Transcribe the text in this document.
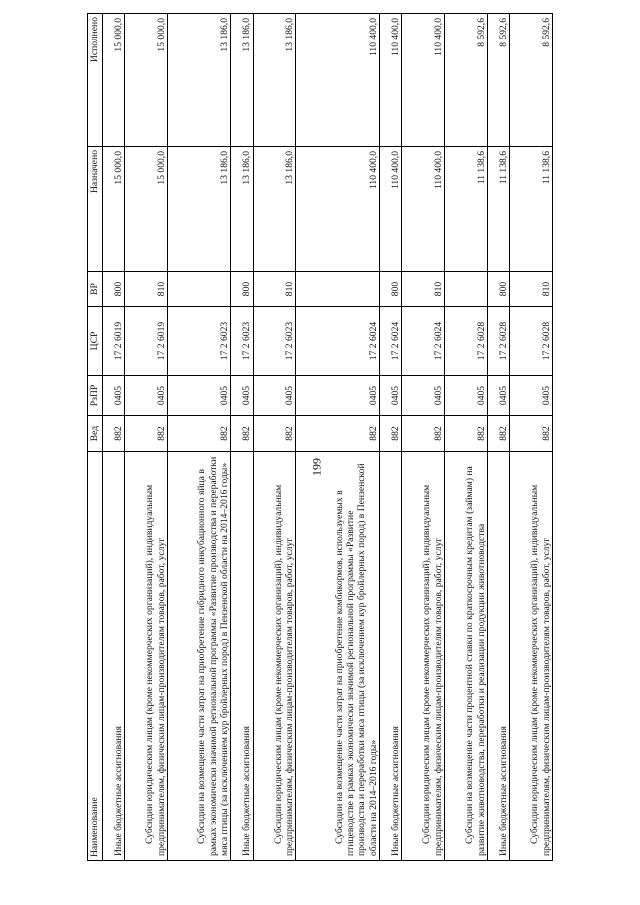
199
Наименование	Вед	РзПР	ЦСР	ВР	Назначено	Исполнено
Иные бюджетные ассигнования	882	0405	17 2 6019	800	15 000,0	15 000,0
Субсидии юридическим лицам (кроме некоммерческих организаций), индивидуальным предпринимателям, физическим лицам-производителям товаров, работ, услуг	882	0405	17 2 6019	810	15 000,0	15 000,0
Субсидии на возмещение части затрат на приобретение гибридного инкубационного яйца в рамках экономически значимой региональной программы «Развитие производства и переработки мяса птицы (за исключением кур бройлерных пород) в Пензенской области на 2014–2016 годы»	882	0405	17 2 6023		13 186,0	13 186,0
Иные бюджетные ассигнования	882	0405	17 2 6023	800	13 186,0	13 186,0
Субсидии юридическим лицам (кроме некоммерческих организаций), индивидуальным предпринимателям, физическим лицам-производителям товаров, работ, услуг	882	0405	17 2 6023	810	13 186,0	13 186,0
Субсидии на возмещение части затрат на приобретение комбикормов, используемых в птицеводстве в рамках экономически значимой региональной программы «Развитие производства и переработки мяса птицы (за исключением кур бройлерных пород) в Пензенской области на 2014–2016 годы»	882	0405	17 2 6024		110 400,0	110 400,0
Иные бюджетные ассигнования	882	0405	17 2 6024	800	110 400,0	110 400,0
Субсидии юридическим лицам (кроме некоммерческих организаций), индивидуальным предпринимателям, физическим лицам-производителям товаров, работ, услуг	882	0405	17 2 6024	810	110 400,0	110 400,0
Субсидии на возмещение части процентной ставки по краткосрочным кредитам (займам) на развитие животноводства, переработки и реализации продукции животноводства	882	0405	17 2 6028		11 138,6	8 592,6
Иные бюджетные ассигнования	882	0405	17 2 6028	800	11 138,6	8 592,6
Субсидии юридическим лицам (кроме некоммерческих организаций), индивидуальным предпринимателям, физическим лицам-производителям товаров, работ, услуг	882	0405	17 2 6028	810	11 138,6	8 592,6
